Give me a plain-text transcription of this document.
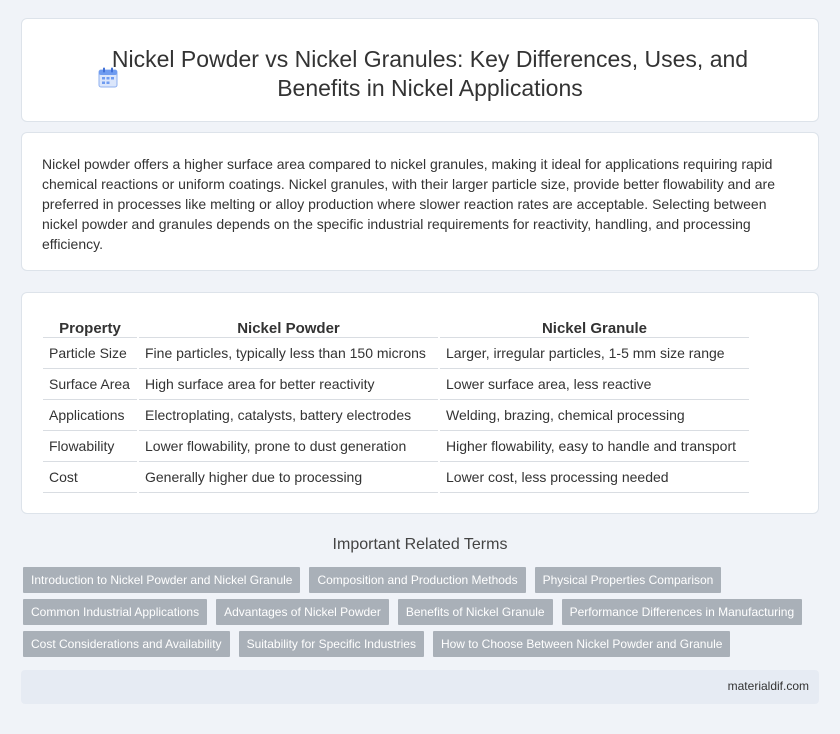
Nickel Powder vs Nickel Granules: Key Differences, Uses, and Benefits in Nickel Applications

Nickel powder offers a higher surface area compared to nickel granules, making it ideal for applications requiring rapid chemical reactions or uniform coatings. Nickel granules, with their larger particle size, provide better flowability and are preferred in processes like melting or alloy production where slower reaction rates are acceptable. Selecting between nickel powder and granules depends on the specific industrial requirements for reactivity, handling, and processing efficiency.

Property	Nickel Powder	Nickel Granule
Particle Size	Fine particles, typically less than 150 microns	Larger, irregular particles, 1-5 mm size range
Surface Area	High surface area for better reactivity	Lower surface area, less reactive
Applications	Electroplating, catalysts, battery electrodes	Welding, brazing, chemical processing
Flowability	Lower flowability, prone to dust generation	Higher flowability, easy to handle and transport
Cost	Generally higher due to processing	Lower cost, less processing needed
Important Related Terms
Introduction to Nickel Powder and Nickel Granule	Composition and Production Methods	Physical Properties Comparison
Common Industrial Applications	Advantages of Nickel Powder	Benefits of Nickel Granule	Performance Differences in Manufacturing
Cost Considerations and Availability	Suitability for Specific Industries	How to Choose Between Nickel Powder and Granule
materialdif.com
